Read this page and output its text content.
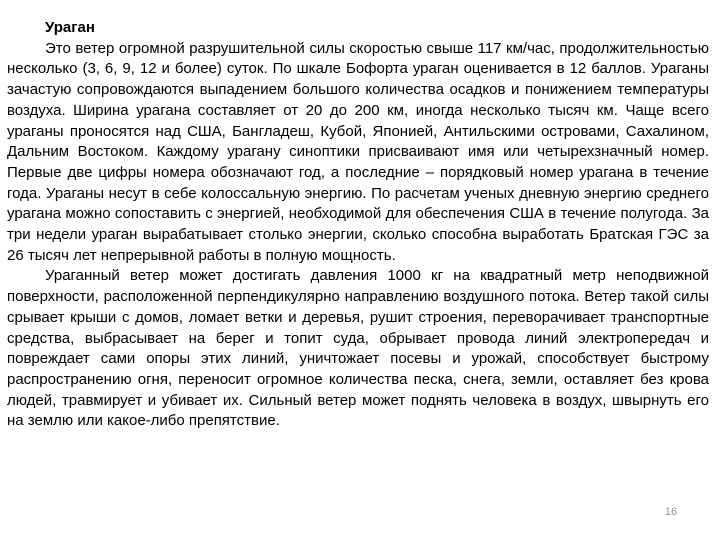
Ураган

Это ветер огромной разрушительной силы скоростью свыше 117 км/час, продолжительностью несколько (3, 6, 9, 12 и более) суток. По шкале Бофорта ураган оценивается в 12 баллов. Ураганы зачастую сопровождаются выпадением большого количества осадков и понижением температуры воздуха. Ширина урагана составляет от 20 до 200 км, иногда несколько тысяч км. Чаще всего ураганы проносятся над США, Бангладеш, Кубой, Японией, Антильскими островами, Сахалином, Дальним Востоком. Каждому урагану синоптики присваивают имя или четырехзначный номер. Первые две цифры номера обозначают год, а последние – порядковый номер урагана в течение года. Ураганы несут в себе колоссальную энергию. По расчетам ученых дневную энергию среднего урагана можно сопоставить с энергией, необходимой для обеспечения США в течение полугода. За три недели ураган вырабатывает столько энергии, сколько способна выработать Братская ГЭС за 26 тысяч лет непрерывной работы в полную мощность.

Ураганный ветер может достигать давления 1000 кг на квадратный метр неподвижной поверхности, расположенной перпендикулярно направлению воздушного потока. Ветер такой силы срывает крыши с домов, ломает ветки и деревья, рушит строения, переворачивает транспортные средства, выбрасывает на берег и топит суда, обрывает провода линий электропередач и повреждает сами опоры этих линий, уничтожает посевы и урожай, способствует быстрому распространению огня, переносит огромное количества песка, снега, земли, оставляет без крова людей, травмирует и убивает их. Сильный ветер может поднять человека в воздух, швырнуть его на землю или какое-либо препятствие.

16
